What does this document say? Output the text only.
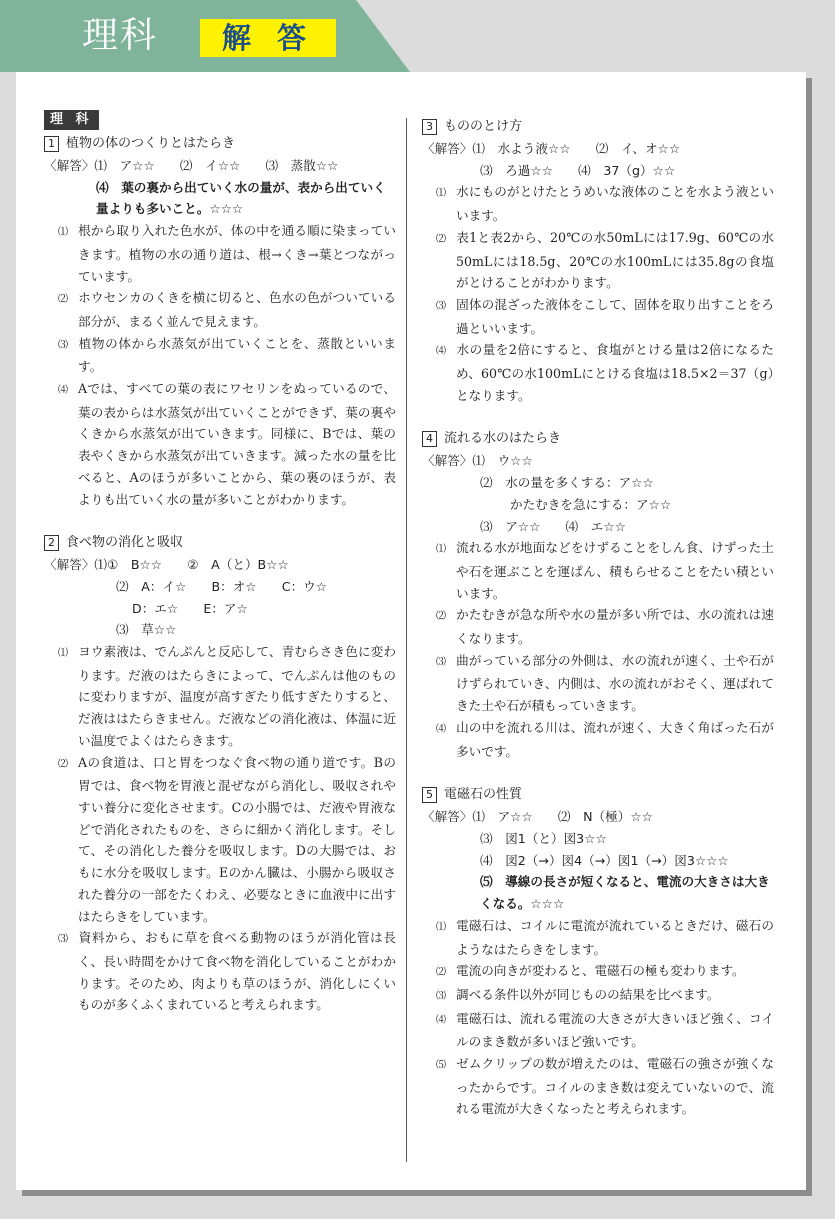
理科	解 答
理 科
1 植物の体のつくりとはたらき
〈解答〉⑴　ア☆☆　　⑵　イ☆☆　　⑶　蒸散☆☆
⑷　葉の裏から出ていく水の量が、表から出ていく量よりも多いこと。☆☆☆
⑴ 根から取り入れた色水が、体の中を通る順に染まっていきます。植物の水の通り道は、根→くき→葉とつながっています。
⑵ ホウセンカのくきを横に切ると、色水の色がついている部分が、まるく並んで見えます。
⑶ 植物の体から水蒸気が出ていくことを、蒸散といいます。
⑷ Aでは、すべての葉の表にワセリンをぬっているので、葉の表からは水蒸気が出ていくことができず、葉の裏やくきから水蒸気が出ていきます。同様に、Bでは、葉の表やくきから水蒸気が出ていきます。減った水の量を比べると、Aのほうが多いことから、葉の裏のほうが、表よりも出ていく水の量が多いことがわかります。
2 食べ物の消化と吸収
〈解答〉⑴①　B☆☆　　②　A（と）B☆☆
⑵　A：イ☆　　B：オ☆　　C：ウ☆
D：エ☆　　E：ア☆
⑶　草☆☆
⑴ ヨウ素液は、でんぷんと反応して、青むらさき色に変わります。だ液のはたらきによって、でんぷんは他のものに変わりますが、温度が高すぎたり低すぎたりすると、だ液ははたらきません。だ液などの消化液は、体温に近い温度でよくはたらきます。
⑵ Aの食道は、口と胃をつなぐ食べ物の通り道です。Bの胃では、食べ物を胃液と混ぜながら消化し、吸収されやすい養分に変化させます。Cの小腸では、だ液や胃液などで消化されたものを、さらに細かく消化します。そして、その消化した養分を吸収します。Dの大腸では、おもに水分を吸収します。Eのかん臓は、小腸から吸収された養分の一部をたくわえ、必要なときに血液中に出すはたらきをしています。
⑶ 資料から、おもに草を食べる動物のほうが消化管は長く、長い時間をかけて食べ物を消化していることがわかります。そのため、肉よりも草のほうが、消化しにくいものが多くふくまれていると考えられます。
3 もののとけ方
〈解答〉⑴　水よう液☆☆　　⑵　イ、オ☆☆
⑶　ろ過☆☆　　⑷　37（g）☆☆
⑴ 水にものがとけたとうめいな液体のことを水よう液といいます。
⑵ 表1と表2から、20℃の水50mLには17.9g、60℃の水50mLには18.5g、20℃の水100mLには35.8gの食塩がとけることがわかります。
⑶ 固体の混ざった液体をこして、固体を取り出すことをろ過といいます。
⑷ 水の量を2倍にすると、食塩がとける量は2倍になるため、60℃の水100mLにとける食塩は18.5×2＝37（g）となります。
4 流れる水のはたらき
〈解答〉⑴　ウ☆☆
⑵　水の量を多くする：ア☆☆
かたむきを急にする：ア☆☆
⑶　ア☆☆　　⑷　エ☆☆
⑴ 流れる水が地面などをけずることをしん食、けずった土や石を運ぶことを運ぱん、積もらせることをたい積といいます。
⑵ かたむきが急な所や水の量が多い所では、水の流れは速くなります。
⑶ 曲がっている部分の外側は、水の流れが速く、土や石がけずられていき、内側は、水の流れがおそく、運ばれてきた土や石が積もっていきます。
⑷ 山の中を流れる川は、流れが速く、大きく角ばった石が多いです。
5 電磁石の性質
〈解答〉⑴　ア☆☆　　⑵　N（極）☆☆
⑶　図1（と）図3☆☆
⑷　図2（→）図4（→）図1（→）図3☆☆☆
⑸　導線の長さが短くなると、電流の大きさは大きくなる。☆☆☆
⑴ 電磁石は、コイルに電流が流れているときだけ、磁石のようなはたらきをします。
⑵ 電流の向きが変わると、電磁石の極も変わります。
⑶ 調べる条件以外が同じものの結果を比べます。
⑷ 電磁石は、流れる電流の大きさが大きいほど強く、コイルのまき数が多いほど強いです。
⑸ ゼムクリップの数が増えたのは、電磁石の強さが強くなったからです。コイルのまき数は変えていないので、流れる電流が大きくなったと考えられます。
